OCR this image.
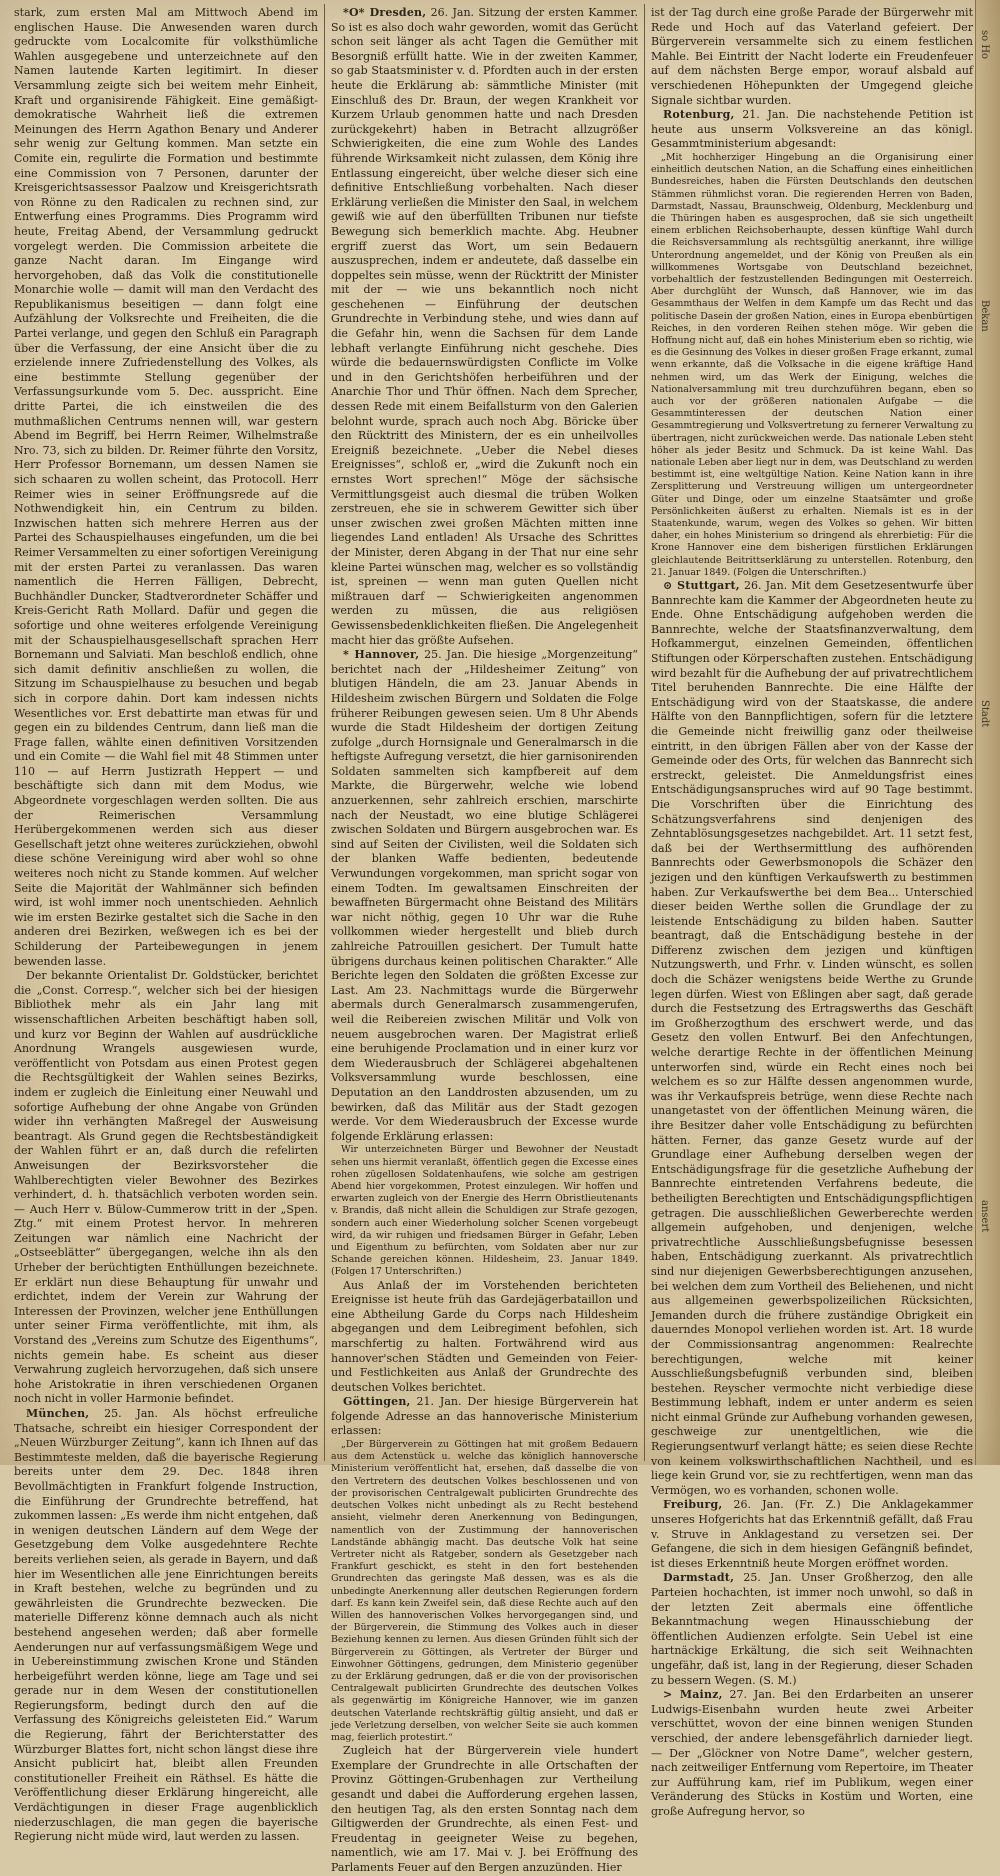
stark, zum ersten Mal am Mittwoch Abend im englischen Hause. Die Anwesenden waren durch gedruckte vom Localcomite für volksthümliche Wahlen ausgegebene und unterzeichnete auf den Namen lautende Karten legitimirt. In dieser Versammlung zeigte sich bei weitem mehr Einheit, Kraft und organisirende Fähigkeit. Eine gemäßigt-demokratische Wahrheit ließ die extremen Meinungen des Herrn Agathon Benary und Anderer sehr wenig zur Geltung kommen. Man setzte ein Comite ein, regulirte die Formation und bestimmte eine Commission von 7 Personen, darunter der Kreisgerichtsassessor Paalzow und Kreisgerichtsrath von Rönne zu den Radicalen zu rechnen sind, zur Entwerfung eines Programms. Dies Programm wird heute, Freitag Abend, der Versammlung gedruckt vorgelegt werden. Die Commission arbeitete die ganze Nacht daran. Im Eingange wird hervorgehoben, daß das Volk die constitutionelle Monarchie wolle — damit will man den Verdacht des Republikanismus beseitigen — dann folgt eine Aufzählung der Volksrechte und Freiheiten, die die Partei verlange, und gegen den Schluß ein Paragraph über die Verfassung, der eine Ansicht über die zu erzielende innere Zufriedenstellung des Volkes, als eine bestimmte Stellung gegenüber der Verfassungsurkunde vom 5. Dec. ausspricht. Eine dritte Partei, die ich einstweilen die des muthmaßlichen Centrums nennen will, war gestern Abend im Begriff, bei Herrn Reimer, Wilhelmstraße Nro. 73, sich zu bilden. Dr. Reimer führte den Vorsitz, Herr Professor Bornemann, um dessen Namen sie sich schaaren zu wollen scheint, das Protocoll. Herr Reimer wies in seiner Eröffnungsrede auf die Nothwendigkeit hin, ein Centrum zu bilden. Inzwischen hatten sich mehrere Herren aus der Partei des Schauspielhauses eingefunden, um die bei Reimer Versammelten zu einer sofortigen Vereinigung mit der ersten Partei zu veranlassen. Das waren namentlich die Herren Fälligen, Debrecht, Buchhändler Duncker, Stadtverordneter Schäffer und Kreis-Gericht Rath Mollard. Dafür und gegen die sofortige und ohne weiteres erfolgende Vereinigung mit der Schauspielhausgesellschaft sprachen Herr Bornemann und Salviati. Man beschloß endlich, ohne sich damit definitiv anschließen zu wollen, die Sitzung im Schauspielhause zu besuchen und begab sich in corpore dahin. Dort kam indessen nichts Wesentliches vor. Erst debattirte man etwas für und gegen ein zu bildendes Centrum, dann ließ man die Frage fallen, wählte einen definitiven Vorsitzenden und ein Comite — die Wahl fiel mit 48 Stimmen unter 110 — auf Herrn Justizrath Heppert — und beschäftigte sich dann mit dem Modus, wie Abgeordnete vorgeschlagen werden sollten. Die aus der Reimerischen Versammlung Herübergekommenen werden sich aus dieser Gesellschaft jetzt ohne weiteres zurückziehen, obwohl diese schöne Vereinigung wird aber wohl so ohne weiteres noch nicht zu Stande kommen. Auf welcher Seite die Majorität der Wahlmänner sich befinden wird, ist wohl immer noch unentschieden. Aehnlich wie im ersten Bezirke gestaltet sich die Sache in den anderen drei Bezirken, weßwegen ich es bei der Schilderung der Parteibewegungen in jenem bewenden lasse.

Der bekannte Orientalist Dr. Goldstücker, berichtet die „Const. Corresp.“, welcher sich bei der hiesigen Bibliothek mehr als ein Jahr lang mit wissenschaftlichen Arbeiten beschäftigt haben soll, und kurz vor Beginn der Wahlen auf ausdrückliche Anordnung Wrangels ausgewiesen wurde, veröffentlicht von Potsdam aus einen Protest gegen die Rechtsgültigkeit der Wahlen seines Bezirks, indem er zugleich die Einleitung einer Neuwahl und sofortige Aufhebung der ohne Angabe von Gründen wider ihn verhängten Maßregel der Ausweisung beantragt. Als Grund gegen die Rechtsbeständigkeit der Wahlen führt er an, daß durch die refelirten Anweisungen der Bezirksvorsteher die Wahlberechtigten vieler Bewohner des Bezirkes verhindert, d. h. thatsächlich verboten worden sein. — Auch Herr v. Bülow-Cummerow tritt in der „Spen. Ztg.“ mit einem Protest hervor. In mehreren Zeitungen war nämlich eine Nachricht der „Ostseeblätter“ übergegangen, welche ihn als den Urheber der berüchtigten Enthüllungen bezeichnete. Er erklärt nun diese Behauptung für unwahr und erdichtet, indem der Verein zur Wahrung der Interessen der Provinzen, welcher jene Enthüllungen unter seiner Firma veröffentlichte, mit ihm, als Vorstand des „Vereins zum Schutze des Eigenthums“, nichts gemein habe. Es scheint aus dieser Verwahrung zugleich hervorzugehen, daß sich unsere hohe Aristokratie in ihren verschiedenen Organen noch nicht in voller Harmonie befindet.

München, 25. Jan. Als höchst erfreuliche Thatsache, schreibt ein hiesiger Correspondent der „Neuen Würzburger Zeitung“, kann ich Ihnen auf das Bestimmteste melden, daß die bayerische Regierung bereits unter dem 29. Dec. 1848 ihren Bevollmächtigten in Frankfurt folgende Instruction, die Einführung der Grundrechte betreffend, hat zukommen lassen: „Es werde ihm nicht entgehen, daß in wenigen deutschen Ländern auf dem Wege der Gesetzgebung dem Volke ausgedehntere Rechte bereits verliehen seien, als gerade in Bayern, und daß hier im Wesentlichen alle jene Einrichtungen bereits in Kraft bestehen, welche zu begründen und zu gewährleisten die Grundrechte bezwecken. Die materielle Differenz könne demnach auch als nicht bestehend angesehen werden; daß aber formelle Aenderungen nur auf verfassungsmäßigem Wege und in Uebereinstimmung zwischen Krone und Ständen herbeigeführt werden könne, liege am Tage und sei gerade nur in dem Wesen der constitutionellen Regierungsform, bedingt durch den auf die Verfassung des Königreichs geleisteten Eid.“ Warum die Regierung, fährt der Berichterstatter des Würzburger Blattes fort, nicht schon längst diese ihre Ansicht publicirt hat, bleibt allen Freunden constitutioneller Freiheit ein Räthsel. Es hätte die Veröffentlichung dieser Erklärung hingereicht, alle Verdächtigungen in dieser Frage augenblicklich niederzuschlagen, die man gegen die bayerische Regierung nicht müde wird, laut werden zu lassen.

*O* Dresden, 26. Jan. Sitzung der ersten Kammer. So ist es also doch wahr geworden, womit das Gerücht schon seit länger als acht Tagen die Gemüther mit Besorgniß erfüllt hatte. Wie in der zweiten Kammer, so gab Staatsminister v. d. Pfordten auch in der ersten heute die Erklärung ab: sämmtliche Minister (mit Einschluß des Dr. Braun, der wegen Krankheit vor Kurzem Urlaub genommen hatte und nach Dresden zurückgekehrt) haben in Betracht allzugrößer Schwierigkeiten, die eine zum Wohle des Landes führende Wirksamkeit nicht zulassen, dem König ihre Entlassung eingereicht, über welche dieser sich eine definitive Entschließung vorbehalten. Nach dieser Erklärung verließen die Minister den Saal, in welchem gewiß wie auf den überfüllten Tribunen nur tiefste Bewegung sich bemerklich machte. Abg. Heubner ergriff zuerst das Wort, um sein Bedauern auszusprechen, indem er andeutete, daß dasselbe ein doppeltes sein müsse, wenn der Rücktritt der Minister mit der — wie uns bekanntlich noch nicht geschehenen — Einführung der deutschen Grundrechte in Verbindung stehe, und wies dann auf die Gefahr hin, wenn die Sachsen für dem Lande lebhaft verlangte Einführung nicht geschehe. Dies würde die bedauernswürdigsten Conflicte im Volke und in den Gerichtshöfen herbeiführen und der Anarchie Thor und Thür öffnen. Nach dem Sprecher, dessen Rede mit einem Beifallsturm von den Galerien belohnt wurde, sprach auch noch Abg. Böricke über den Rücktritt des Ministern, der es ein unheilvolles Ereigniß bezeichnete. „Ueber die Nebel dieses Ereignisses“, schloß er, „wird die Zukunft noch ein ernstes Wort sprechen!“ Möge der sächsische Vermittlungsgeist auch diesmal die trüben Wolken zerstreuen, ehe sie in schwerem Gewitter sich über unser zwischen zwei großen Mächten mitten inne liegendes Land entladen! Als Ursache des Schrittes der Minister, deren Abgang in der That nur eine sehr kleine Partei wünschen mag, welcher es so vollständig ist, spreinen — wenn man guten Quellen nicht mißtrauen darf — Schwierigkeiten angenommen werden zu müssen, die aus religiösen Gewissensbedenklichkeiten fließen. Die Angelegenheit macht hier das größte Aufsehen.

* Hannover, 25. Jan. Die hiesige „Morgenzeitung“ berichtet nach der „Hildesheimer Zeitung“ von blutigen Händeln, die am 23. Januar Abends in Hildesheim zwischen Bürgern und Soldaten die Folge früherer Reibungen gewesen seien. Um 8 Uhr Abends wurde die Stadt Hildesheim der dortigen Zeitung zufolge „durch Hornsignale und Generalmarsch in die heftigste Aufregung versetzt, die hier garnisonirenden Soldaten sammelten sich kampfbereit auf dem Markte, die Bürgerwehr, welche wie lobend anzuerkennen, sehr zahlreich erschien, marschirte nach der Neustadt, wo eine blutige Schlägerei zwischen Soldaten und Bürgern ausgebrochen war. Es sind auf Seiten der Civilisten, weil die Soldaten sich der blanken Waffe bedienten, bedeutende Verwundungen vorgekommen, man spricht sogar von einem Todten. Im gewaltsamen Einschreiten der bewaffneten Bürgermacht ohne Beistand des Militärs war nicht nöthig, gegen 10 Uhr war die Ruhe vollkommen wieder hergestellt und blieb durch zahlreiche Patrouillen gesichert. Der Tumult hatte übrigens durchaus keinen politischen Charakter.“ Alle Berichte legen den Soldaten die größten Excesse zur Last. Am 23. Nachmittags wurde die Bürgerwehr abermals durch Generalmarsch zusammengerufen, weil die Reibereien zwischen Militär und Volk von neuem ausgebrochen waren. Der Magistrat erließ eine beruhigende Proclamation und in einer kurz vor dem Wiederausbruch der Schlägerei abgehaltenen Volksversammlung wurde beschlossen, eine Deputation an den Landdrosten abzusenden, um zu bewirken, daß das Militär aus der Stadt gezogen werde. Vor dem Wiederausbruch der Excesse wurde folgende Erklärung erlassen:

Wir unterzeichneten Bürger und Bewohner der Neustadt sehen uns hiermit veranlaßt, öffentlich gegen die Excesse eines rohen zügellosen Soldatenhaufens, wie solche am gestrigen Abend hier vorgekommen, Protest einzulegen. Wir hoffen und erwarten zugleich von der Energie des Herrn Obristlieutenants v. Brandis, daß nicht allein die Schuldigen zur Strafe gezogen, sondern auch einer Wiederholung solcher Scenen vorgebeugt wird, da wir ruhigen und friedsamen Bürger in Gefahr, Leben und Eigenthum zu befürchten, vom Soldaten aber nur zur Schande gereichen können. Hildesheim, 23. Januar 1849. (Folgen 17 Unterschriften.)

Aus Anlaß der im Vorstehenden berichteten Ereignisse ist heute früh das Gardejägerbataillon und eine Abtheilung Garde du Corps nach Hildesheim abgegangen und dem Leibregiment befohlen, sich marschfertig zu halten. Fortwährend wird aus hannover'schen Städten und Gemeinden von Feier- und Festlichkeiten aus Anlaß der Grundrechte des deutschen Volkes berichtet.

Göttingen, 21. Jan. Der hiesige Bürgerverein hat folgende Adresse an das hannoverische Ministerium erlassen:

„Der Bürgerverein zu Göttingen hat mit großem Bedauern aus dem Actenstück u. welche das königlich hannoversche Ministerium veröffentlicht hat, ersehen, daß dasselbe die von den Vertretern des deutschen Volkes beschlossenen und von der provisorischen Centralgewalt publicirten Grundrechte des deutschen Volkes nicht unbedingt als zu Recht bestehend ansieht, vielmehr deren Anerkennung von Bedingungen, namentlich von der Zustimmung der hannoverischen Landstände abhängig macht. Das deutsche Volk hat seine Vertreter nicht als Ratgeber, sondern als Gesetzgeber nach Frankfurt geschickt, es steht in den fort bestehenden Grundrechten das geringste Maß dessen, was es als die unbedingte Anerkennung aller deutschen Regierungen fordern darf. Es kann kein Zweifel sein, daß diese Rechte auch auf den Willen des hannoverischen Volkes hervorgegangen sind, und der Bürgerverein, die Stimmung des Volkes auch in dieser Beziehung kennen zu lernen. Aus diesen Gründen fühlt sich der Bürgerverein zu Göttingen, als Vertreter der Bürger und Einwohner Göttingens, gedrungen, dem Ministerio gegenüber zu der Erklärung gedrungen, daß er die von der provisorischen Centralgewalt publicirten Grundrechte des deutschen Volkes als gegenwärtig im Königreiche Hannover, wie im ganzen deutschen Vaterlande rechtskräftig gültig ansieht, und daß er jede Verletzung derselben, von welcher Seite sie auch kommen mag, feierlich protestirt.“

Zugleich hat der Bürgerverein viele hundert Exemplare der Grundrechte in alle Ortschaften der Provinz Göttingen-Grubenhagen zur Vertheilung gesandt und dabei die Aufforderung ergehen lassen, den heutigen Tag, als den ersten Sonntag nach dem Giltigwerden der Grundrechte, als einen Fest- und Freudentag in geeigneter Weise zu begehen, namentlich, wie am 17. Mai v. J. bei Eröffnung des Parlaments Feuer auf den Bergen anzuzünden. Hier

ist der Tag durch eine große Parade der Bürgerwehr mit Rede und Hoch auf das Vaterland gefeiert. Der Bürgerverein versammelte sich zu einem festlichen Mahle. Bei Eintritt der Nacht loderte ein Freudenfeuer auf dem nächsten Berge empor, worauf alsbald auf verschiedenen Höhepunkten der Umgegend gleiche Signale sichtbar wurden.

Rotenburg, 21. Jan. Die nachstehende Petition ist heute aus unserm Volksvereine an das königl. Gesammtministerium abgesandt:

„Mit hochherziger Hingebung an die Organisirung einer einheitlich deutschen Nation, an die Schaffung eines einheitlichen Bundesreiches, haben die Fürsten Deutschlands den deutschen Stämmen rühmlichst voran. Die regierenden Herren von Baden, Darmstadt, Nassau, Braunschweig, Oldenburg, Mecklenburg und die Thüringen haben es ausgesprochen, daß sie sich ungetheilt einem erblichen Reichsoberhaupte, dessen künftige Wahl durch die Reichsversammlung als rechtsgültig anerkannt, ihre willige Unterordnung angemeldet, und der König von Preußen als ein willkommenes Wortsgabe von Deutschland bezeichnet, vorbehaltlich der festzustellenden Bedingungen mit Oesterreich. Aber durchglüht der Wunsch, daß Hannover, wie im das Gesammthaus der Welfen in dem Kampfe um das Recht und das politische Dasein der großen Nation, eines in Europa ebenbürtigen Reiches, in den vorderen Reihen stehen möge. Wir geben die Hoffnung nicht auf, daß ein hohes Ministerium eben so richtig, wie es die Gesinnung des Volkes in dieser großen Frage erkannt, zumal wenn erkannte, daß die Volksache in die eigene kräftige Hand nehmen wird, um das Werk der Einigung, welches die Nationalversammlung mit treu durchzuführen begann, eben so auch vor der größeren nationalen Aufgabe — die Gesammtinteressen der deutschen Nation einer Gesammtregierung und Volksvertretung zu fernerer Verwaltung zu übertragen, nicht zurückweichen werde. Das nationale Leben steht höher als jeder Besitz und Schmuck. Da ist keine Wahl. Das nationale Leben aber liegt nur in dem, was Deutschland zu werden bestimmt ist, eine weltgültige Nation. Keine Nation kann in ihre Zersplitterung und Verstreuung willigen um untergeordneter Güter und Dinge, oder um einzelne Staatsämter und große Persönlichkeiten äußerst zu erhalten. Niemals ist es in der Staatenkunde, warum, wegen des Volkes so gehen. Wir bitten daher, ein hohes Ministerium so dringend als ehrerbietig: Für die Krone Hannover eine dem bisherigen fürstlichen Erklärungen gleichlautende Beitrittserklärung zu unterstellen. Rotenburg, den 21. Januar 1849. (Folgen die Unterschriften.)

⊙ Stuttgart, 26. Jan. Mit dem Gesetzesentwurfe über Bannrechte kam die Kammer der Abgeordneten heute zu Ende. Ohne Entschädigung aufgehoben werden die Bannrechte, welche der Staatsfinanzverwaltung, dem Hofkammergut, einzelnen Gemeinden, öffentlichen Stiftungen oder Körperschaften zustehen. Entschädigung wird bezahlt für die Aufhebung der auf privatrechtlichem Titel beruhenden Bannrechte. Die eine Hälfte der Entschädigung wird von der Staatskasse, die andere Hälfte von den Bannpflichtigen, sofern für die letztere die Gemeinde nicht freiwillig ganz oder theilweise eintritt, in den übrigen Fällen aber von der Kasse der Gemeinde oder des Orts, für welchen das Bannrecht sich erstreckt, geleistet. Die Anmeldungsfrist eines Entschädigungsanspruches wird auf 90 Tage bestimmt. Die Vorschriften über die Einrichtung des Schätzungsverfahrens sind denjenigen des Zehntablösungsgesetzes nachgebildet. Art. 11 setzt fest, daß bei der Werthsermittlung des aufhörenden Bannrechts oder Gewerbsmonopols die Schäzer den jezigen und den künftigen Verkaufswerth zu bestimmen haben. Zur Verkaufswerthe bei dem Bea... Unterschied dieser beiden Werthe sollen die Grundlage der zu leistende Entschädigung zu bilden haben. Sautter beantragt, daß die Entschädigung bestehe in der Differenz zwischen dem jezigen und künftigen Nutzungswerth, und Frhr. v. Linden wünscht, es sollen doch die Schäzer wenigstens beide Werthe zu Grunde legen dürfen. Wiest von Eßlingen aber sagt, daß gerade durch die Festsetzung des Ertragswerths das Geschäft im Großherzogthum des erschwert werde, und das Gesetz den vollen Entwurf. Bei den Anfechtungen, welche derartige Rechte in der öffentlichen Meinung unterworfen sind, würde ein Recht eines noch bei welchem es so zur Hälfte dessen angenommen wurde, was ihr Verkaufspreis betrüge, wenn diese Rechte nach unangetastet von der öffentlichen Meinung wären, die ihre Besitzer daher volle Entschädigung zu befürchten hätten. Ferner, das ganze Gesetz wurde auf der Grundlage einer Aufhebung derselben wegen der Entschädigungsfrage für die gesetzliche Aufhebung der Bannrechte eintretenden Verfahrens bedeute, die betheiligten Berechtigten und Entschädigungspflichtigen getragen. Die ausschließlichen Gewerberechte werden allgemein aufgehoben, und denjenigen, welche privatrechtliche Ausschließungsbefugnisse besessen haben, Entschädigung zuerkannt. Als privatrechtlich sind nur diejenigen Gewerbsberechtigungen anzusehen, bei welchen dem zum Vortheil des Beliehenen, und nicht aus allgemeinen gewerbspolizeilichen Rücksichten, Jemanden durch die frühere zuständige Obrigkeit ein dauerndes Monopol verliehen worden ist. Art. 18 wurde der Commissionsantrag angenommen: Realrechte berechtigungen, welche mit keiner Ausschließungsbefugniß verbunden sind, bleiben bestehen. Reyscher vermochte nicht verbiedige diese Bestimmung lebhaft, indem er unter anderm es seien nicht einmal Gründe zur Aufhebung vorhanden gewesen, geschweige zur unentgeltlichen, wie die Regierungsentwurf verlangt hätte; es seien diese Rechte von keinem volkswirthschaftlichen Nachtheil, und es liege kein Grund vor, sie zu rechtfertigen, wenn man das Vermögen, wo es vorhanden, schonen wolle.

Freiburg, 26. Jan. (Fr. Z.) Die Anklagekammer unseres Hofgerichts hat das Erkenntniß gefällt, daß Frau v. Struve in Anklagestand zu versetzen sei. Der Gefangene, die sich in dem hiesigen Gefängniß befindet, ist dieses Erkenntniß heute Morgen eröffnet worden.

Darmstadt, 25. Jan. Unser Großherzog, den alle Parteien hochachten, ist immer noch unwohl, so daß in der letzten Zeit abermals eine öffentliche Bekanntmachung wegen Hinausschiebung der öffentlichen Audienzen erfolgte. Sein Uebel ist eine hartnäckige Erkältung, die sich seit Weihnachten ungefähr, daß ist, lang in der Regierung, dieser Schaden zu bessern Wegen. (S. M.)

> Mainz, 27. Jan. Bei den Erdarbeiten an unserer Ludwigs-Eisenbahn wurden heute zwei Arbeiter verschüttet, wovon der eine binnen wenigen Stunden verschied, der andere lebensgefährlich darnieder liegt. — Der „Glöckner von Notre Dame“, welcher gestern, nach zeitweiliger Entfernung vom Repertoire, im Theater zur Aufführung kam, rief im Publikum, wegen einer Veränderung des Stücks in Kostüm und Worten, eine große Aufregung hervor, so

so Ho
Bekan
Stadt
ansert
